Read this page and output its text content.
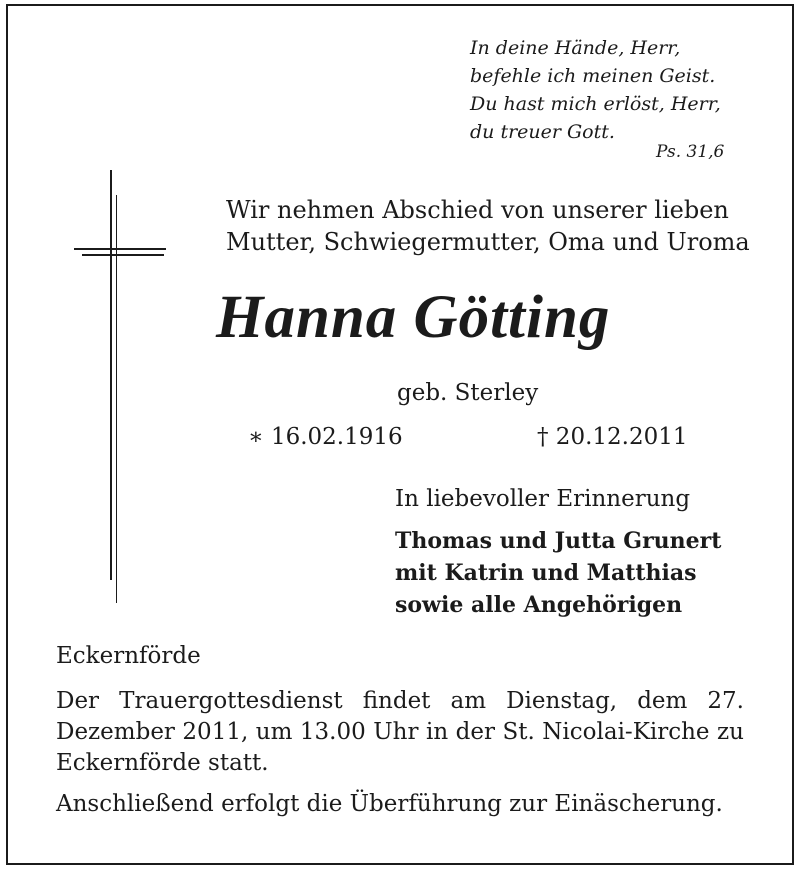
In deine Hände, Herr,
befehle ich meinen Geist.
Du hast mich erlöst, Herr,
du treuer Gott.
Ps. 31,6
Wir nehmen Abschied von unserer lieben
Mutter, Schwiegermutter, Oma und Uroma
Hanna Götting
geb. Sterley
∗ 16.02.1916	† 20.12.2011
In liebevoller Erinnerung
Thomas und Jutta Grunert
mit Katrin und Matthias
sowie alle Angehörigen
Eckernförde
Der Trauergottesdienst findet am Dienstag, dem 27. Dezember 2011, um 13.00 Uhr in der St. Nicolai-Kirche zu Eckernförde statt.
Anschließend erfolgt die Überführung zur Einäscherung.
